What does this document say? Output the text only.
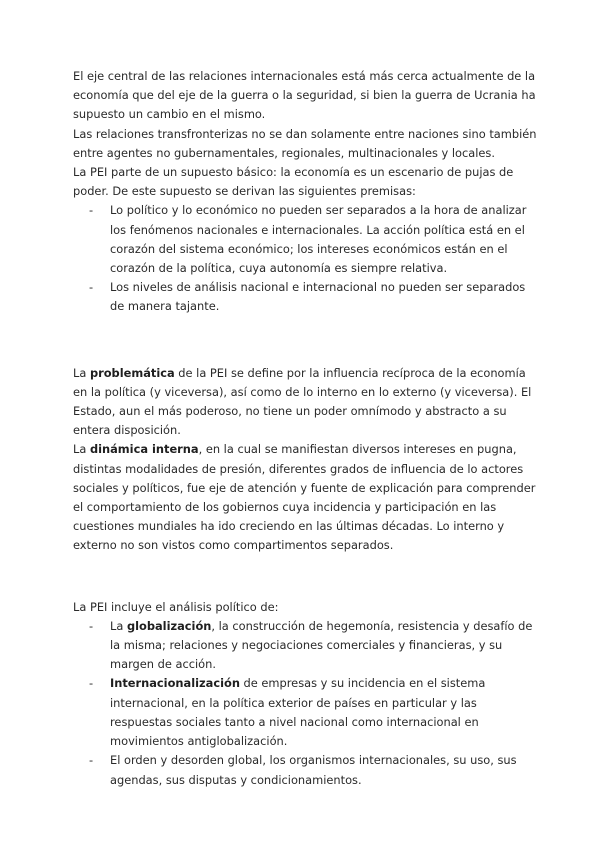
El eje central de las relaciones internacionales está más cerca actualmente de la economía que del eje de la guerra o la seguridad, si bien la guerra de Ucrania ha supuesto un cambio en el mismo.

Las relaciones transfronterizas no se dan solamente entre naciones sino también entre agentes no gubernamentales, regionales, multinacionales y locales.

La PEI parte de un supuesto básico: la economía es un escenario de pujas de poder. De este supuesto se derivan las siguientes premisas:

- Lo político y lo económico no pueden ser separados a la hora de analizar los fenómenos nacionales e internacionales. La acción política está en el corazón del sistema económico; los intereses económicos están en el corazón de la política, cuya autonomía es siempre relativa.
- Los niveles de análisis nacional e internacional no pueden ser separados de manera tajante.

La problemática de la PEI se define por la influencia recíproca de la economía en la política (y viceversa), así como de lo interno en lo externo (y viceversa). El Estado, aun el más poderoso, no tiene un poder omnímodo y abstracto a su entera disposición.

La dinámica interna, en la cual se manifiestan diversos intereses en pugna, distintas modalidades de presión, diferentes grados de influencia de lo actores sociales y políticos, fue eje de atención y fuente de explicación para comprender el comportamiento de los gobiernos cuya incidencia y participación en las cuestiones mundiales ha ido creciendo en las últimas décadas. Lo interno y externo no son vistos como compartimentos separados.

La PEI incluye el análisis político de:

- La globalización, la construcción de hegemonía, resistencia y desafío de la misma; relaciones y negociaciones comerciales y financieras, y su margen de acción.
- Internacionalización de empresas y su incidencia en el sistema internacional, en la política exterior de países en particular y las respuestas sociales tanto a nivel nacional como internacional en movimientos antiglobalización.
- El orden y desorden global, los organismos internacionales, su uso, sus agendas, sus disputas y condicionamientos.
